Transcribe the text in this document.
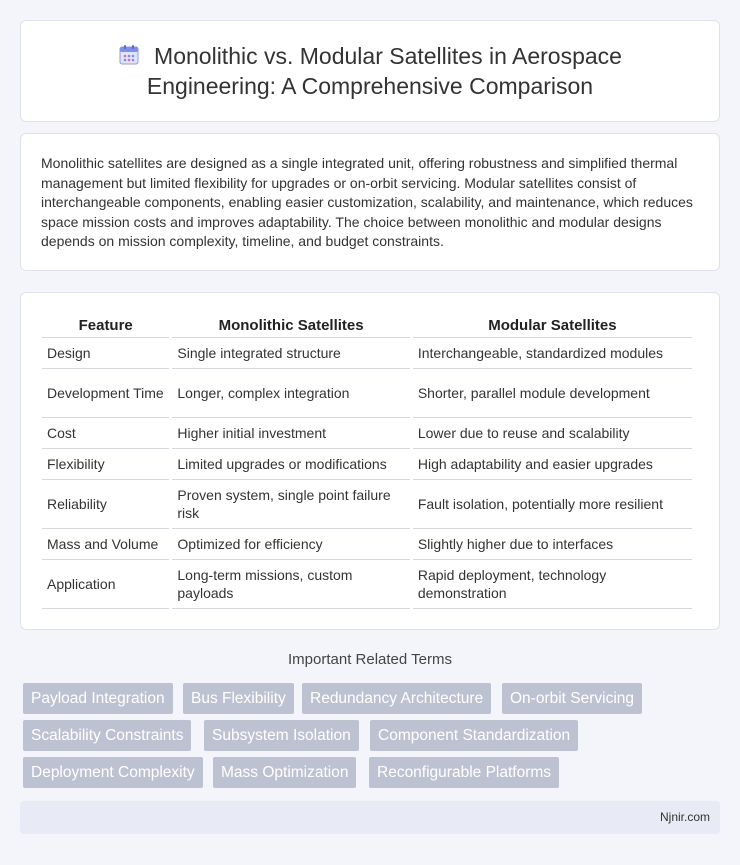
Monolithic vs. Modular Satellites in Aerospace Engineering: A Comprehensive Comparison

Monolithic satellites are designed as a single integrated unit, offering robustness and simplified thermal management but limited flexibility for upgrades or on-orbit servicing. Modular satellites consist of interchangeable components, enabling easier customization, scalability, and maintenance, which reduces space mission costs and improves adaptability. The choice between monolithic and modular designs depends on mission complexity, timeline, and budget constraints.

Feature	Monolithic Satellites	Modular Satellites
Design	Single integrated structure	Interchangeable, standardized modules
Development Time	Longer, complex integration	Shorter, parallel module development
Cost	Higher initial investment	Lower due to reuse and scalability
Flexibility	Limited upgrades or modifications	High adaptability and easier upgrades
Reliability	Proven system, single point failure risk	Fault isolation, potentially more resilient
Mass and Volume	Optimized for efficiency	Slightly higher due to interfaces
Application	Long-term missions, custom payloads	Rapid deployment, technology demonstration
Important Related Terms
Payload Integration	Bus Flexibility	Redundancy Architecture	On-orbit Servicing
Scalability Constraints	Subsystem Isolation	Component Standardization
Deployment Complexity	Mass Optimization	Reconfigurable Platforms
Njnir.com
